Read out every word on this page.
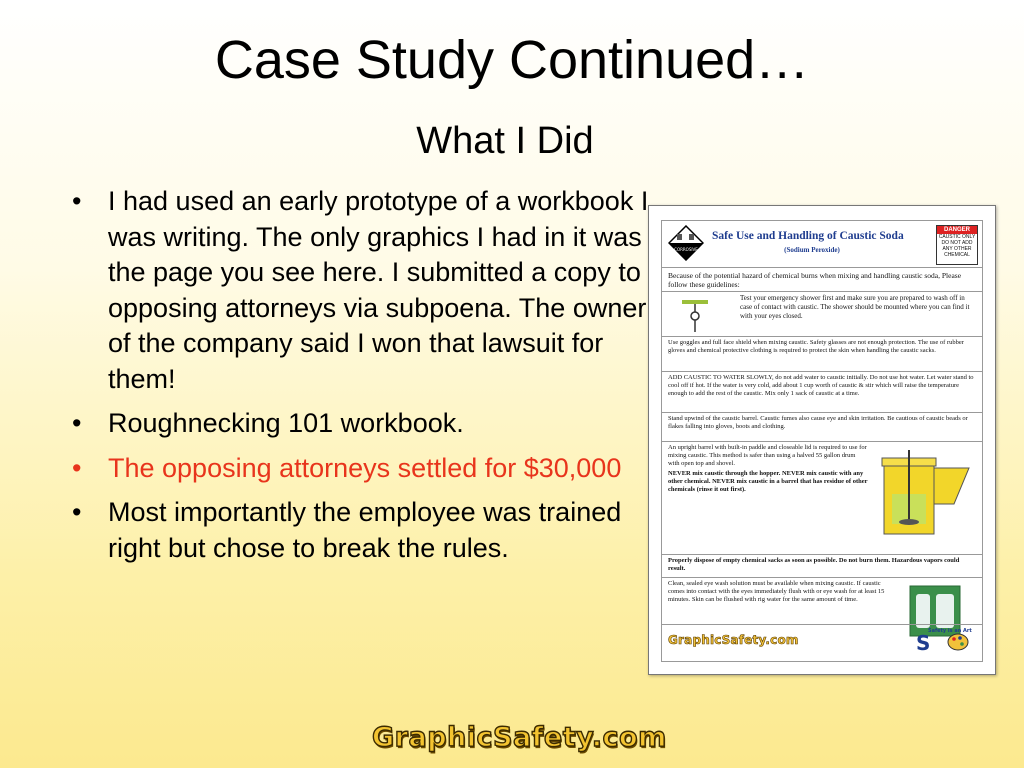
Case Study Continued…
What I Did
• I had used an early prototype of a workbook I was writing. The only graphics I had in it was the page you see here. I submitted a copy to opposing attorneys via subpoena. The owner of the company said I won that lawsuit for them!
• Roughnecking 101 workbook.
• The opposing attorneys settled for $30,000
• Most importantly the employee was trained right but chose to break the rules.
CORROSIVE
Safe Use and Handling of Caustic Soda
(Sodium Peroxide)
DANGER
CAUSTIC ONLY DO NOT ADD ANY OTHER CHEMICAL
Because of the potential hazard of chemical burns when mixing and handling caustic soda, Please follow these guidelines:

Test your emergency shower first and make sure you are prepared to wash off in case of contact with caustic. The shower should be mounted where you can find it with your eyes closed.

Use goggles and full face shield when mixing caustic. Safety glasses are not enough protection. The use of rubber gloves and chemical protective clothing is required to protect the skin when handling the caustic sacks.

ADD CAUSTIC TO WATER SLOWLY, do not add water to caustic initially. Do not use hot water. Let water stand to cool off if hot. If the water is very cold, add about 1 cup worth of caustic & stir which will raise the temperature enough to add the rest of the caustic. Mix only 1 sack of caustic at a time.

Stand upwind of the caustic barrel. Caustic fumes also cause eye and skin irritation. Be cautious of caustic beads or flakes falling into gloves, boots and clothing.

An upright barrel with built-in paddle and closeable lid is required to use for mixing caustic. This method is safer than using a halved 55 gallon drum with open top and shovel.

NEVER mix caustic through the hopper. NEVER mix caustic with any other chemical. NEVER mix caustic in a barrel that has residue of other chemicals (rinse it out first).

Properly dispose of empty chemical sacks as soon as possible. Do not burn them. Hazardous vapors could result.

Clean, sealed eye wash solution must be available when mixing caustic. If caustic comes into contact with the eyes immediately flush with or eye wash for at least 15 minutes. Skin can be flushed with rig water for the same amount of time.

GraphicSafety.com	S
Safety is an Art
GraphicSafety.com
